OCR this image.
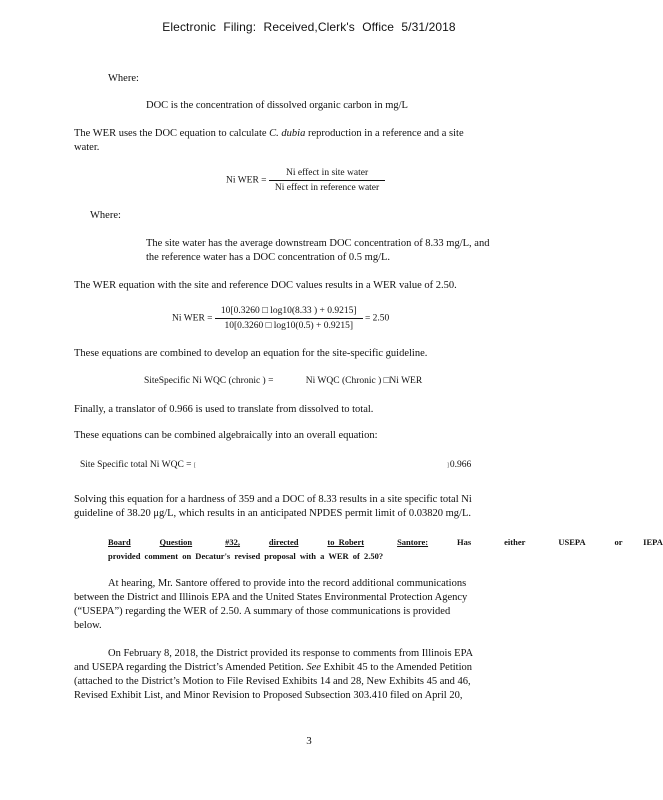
Electronic Filing: Received,Clerk's Office 5/31/2018
Where:
DOC is the concentration of dissolved organic carbon in mg/L
The WER uses the DOC equation to calculate C. dubia reproduction in a reference and a site
water.
Ni WER = $\frac{\text{Ni effect in site water}}{\text{Ni effect in reference water}}$
Where:
The site water has the average downstream DOC concentration of 8.33 mg/L, and
the reference water has a DOC concentration of 0.5 mg/L.
The WER equation with the site and reference DOC values results in a WER value of 2.50.
Ni WER = $\frac{10[0.3260 □ \log 10(8.33 ) + 0.9215]}{10[0.3260 □ \log 10(0.5) + 0.9215]} = 2.50$
These equations are combined to develop an equation for the site-specific guideline.
SiteSpecific Ni WQC (chronic ) =	Ni WQC (Chronic ) □Ni WER
Finally, a translator of 0.966 is used to translate from dissolved to total.
These equations can be combined algebraically into an overall equation:
Site Specific total Ni WQC = [                                                                                                    ]0.966
Solving this equation for a hardness of 359 and a DOC of 8.33 results in a site specific total Ni
guideline of 38.20 μg/L, which results in an anticipated NPDES permit limit of 0.03820 mg/L.
Board	Question	#32,	directed	to Robert	Santore:	Has	either	USEPA	or IEPA
provided comment on Decatur's revised proposal with a WER of 2.50?
At hearing, Mr. Santore offered to provide into the record additional communications
between the District and Illinois EPA and the United States Environmental Protection Agency
(“USEPA”) regarding the WER of 2.50. A summary of those communications is provided
below.
On February 8, 2018, the District provided its response to comments from Illinois EPA
and USEPA regarding the District’s Amended Petition. See Exhibit 45 to the Amended Petition
(attached to the District’s Motion to File Revised Exhibits 14 and 28, New Exhibits 45 and 46,
Revised Exhibit List, and Minor Revision to Proposed Subsection 303.410 filed on April 20,
3
